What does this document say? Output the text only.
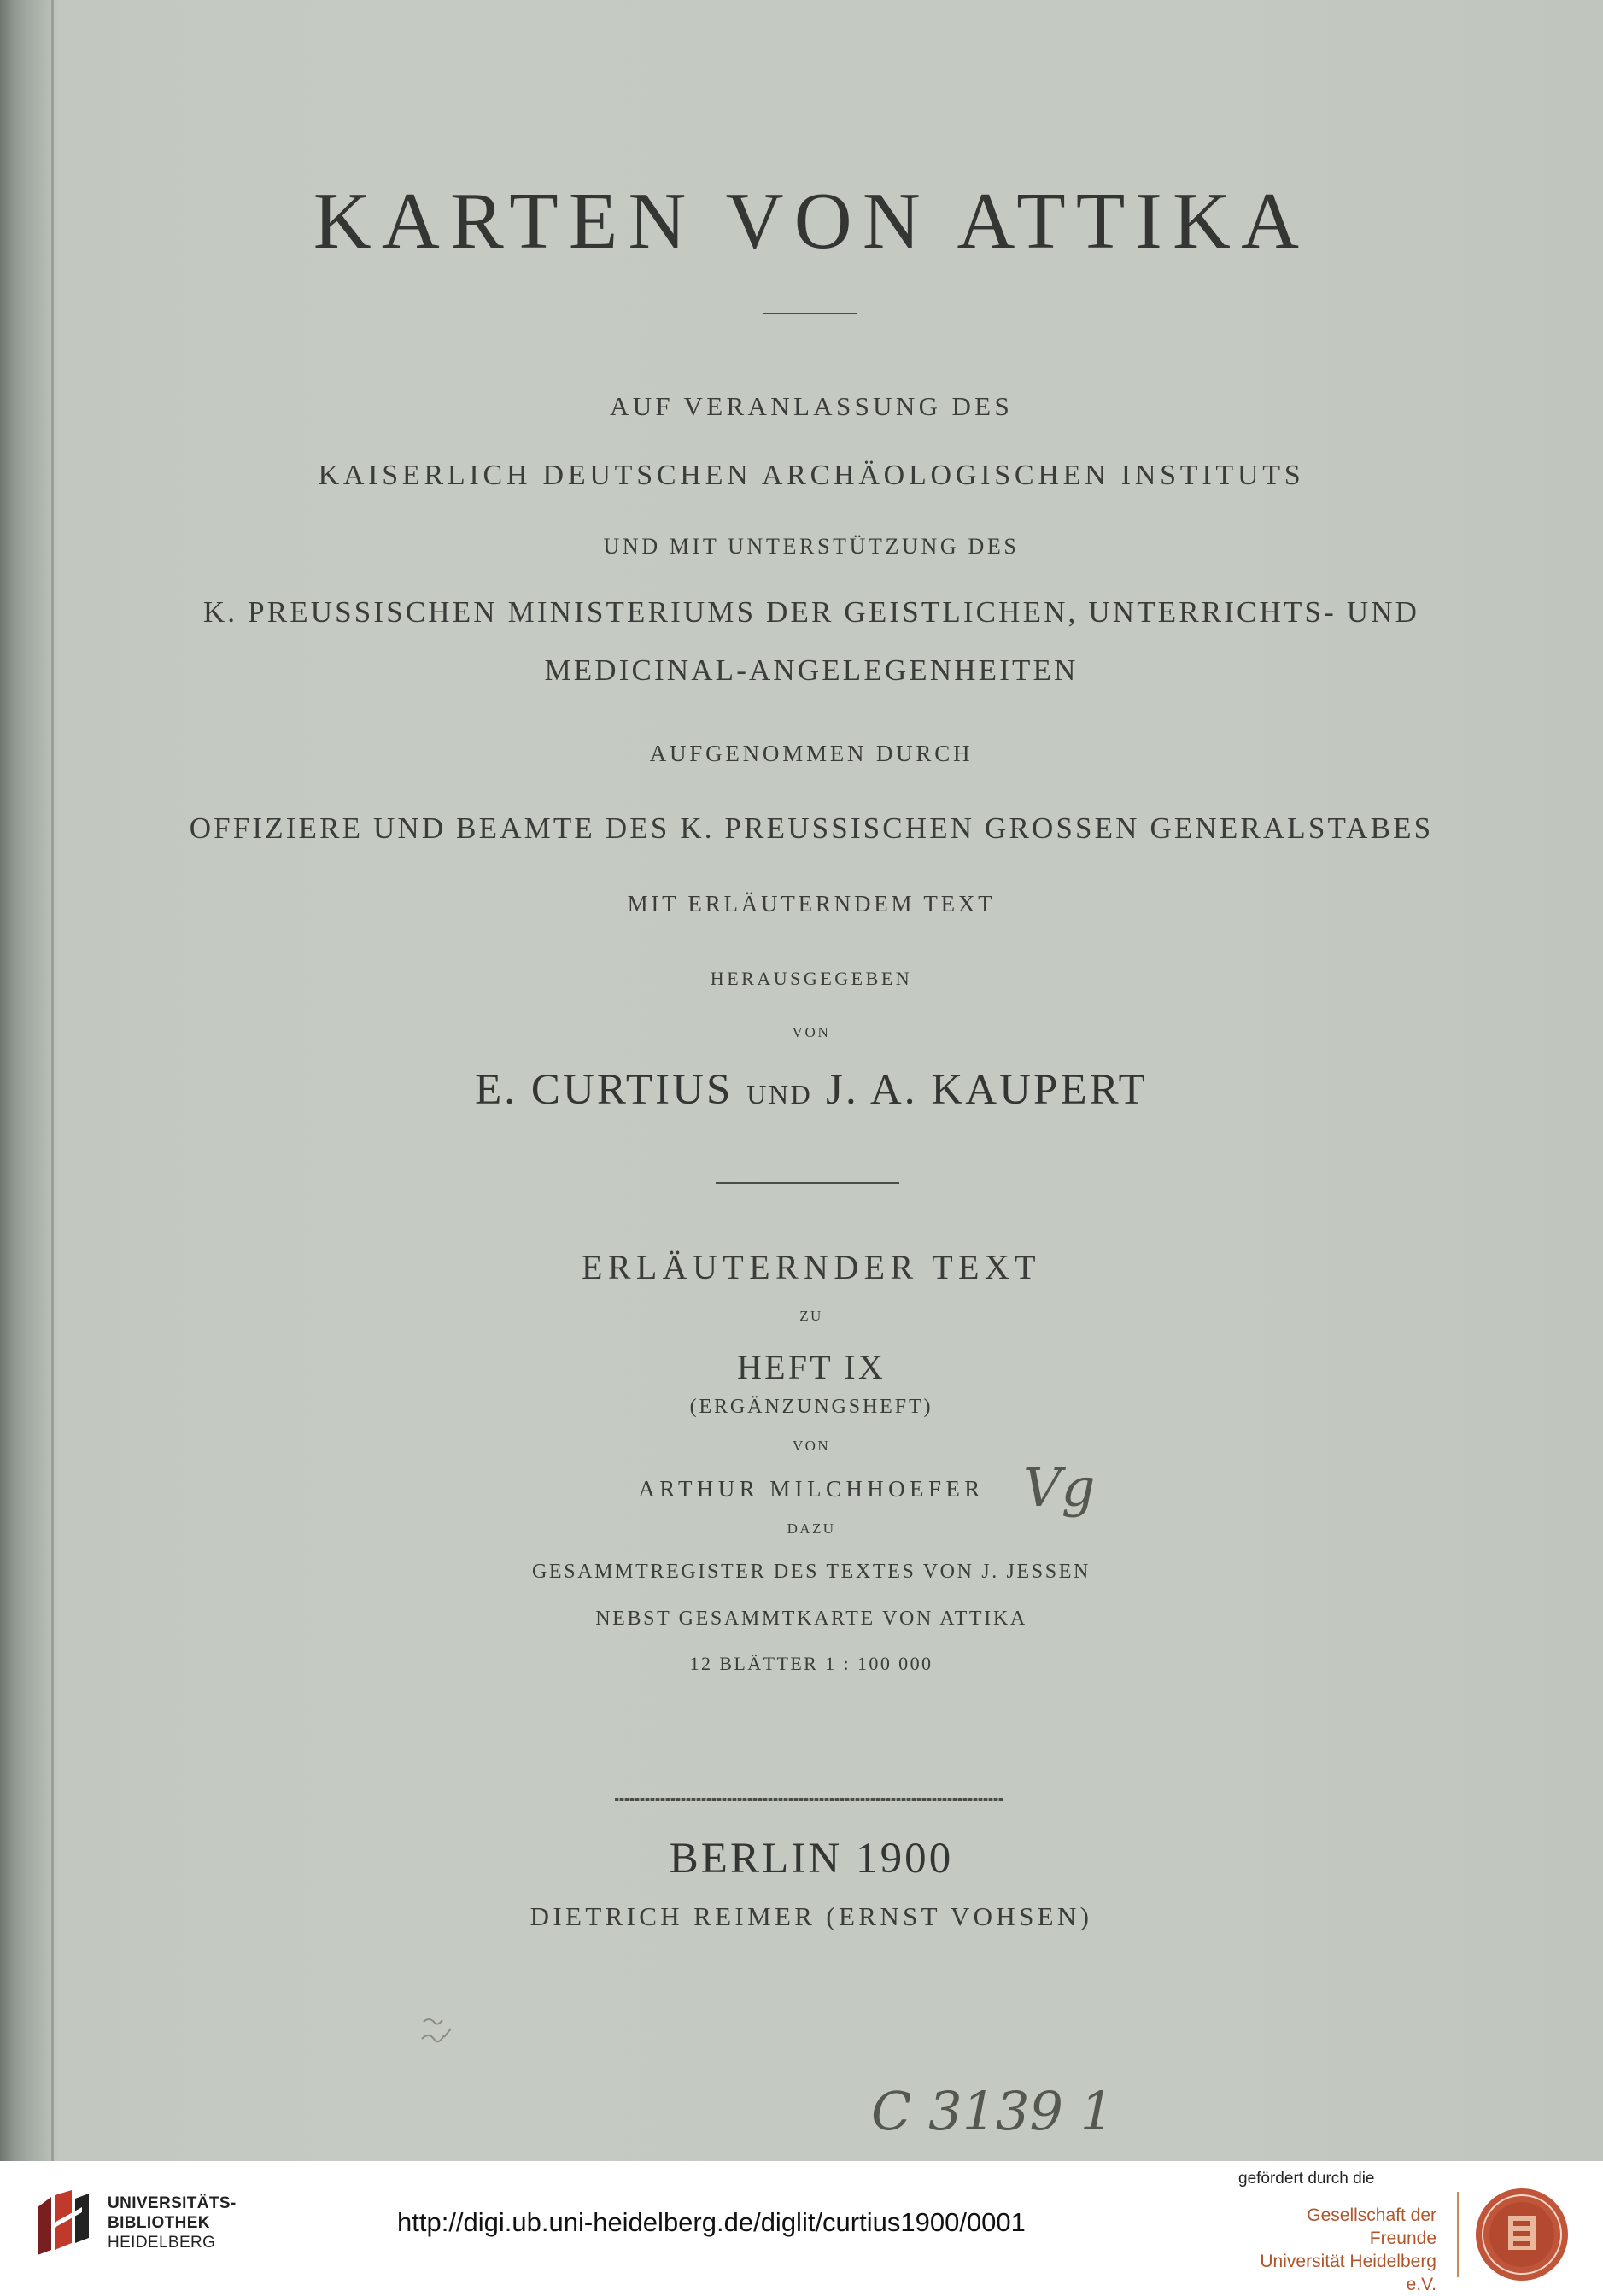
KARTEN VON ATTIKA
AUF VERANLASSUNG DES
KAISERLICH DEUTSCHEN ARCHÄOLOGISCHEN INSTITUTS
UND MIT UNTERSTÜTZUNG DES
K. PREUSSISCHEN MINISTERIUMS DER GEISTLICHEN, UNTERRICHTS- UND
MEDICINAL-ANGELEGENHEITEN
AUFGENOMMEN DURCH
OFFIZIERE UND BEAMTE DES K. PREUSSISCHEN GROSSEN GENERALSTABES
MIT ERLÄUTERNDEM TEXT
HERAUSGEGEBEN
VON
E. CURTIUS UND J. A. KAUPERT
ERLÄUTERNDER TEXT
ZU
HEFT IX
(ERGÄNZUNGSHEFT)
VON
ARTHUR MILCHHOEFER
DAZU
GESAMMTREGISTER DES TEXTES VON J. JESSEN
NEBST GESAMMTKARTE VON ATTIKA
12 BLÄTTER 1 : 100 000
BERLIN 1900
DIETRICH REIMER (ERNST VOHSEN)
Vg
C 3139 1
UNIVERSITÄTS-
BIBLIOTHEK
HEIDELBERG
http://digi.ub.uni-heidelberg.de/diglit/curtius1900/0001
gefördert durch die
Gesellschaft der Freunde
Universität Heidelberg e.V.
